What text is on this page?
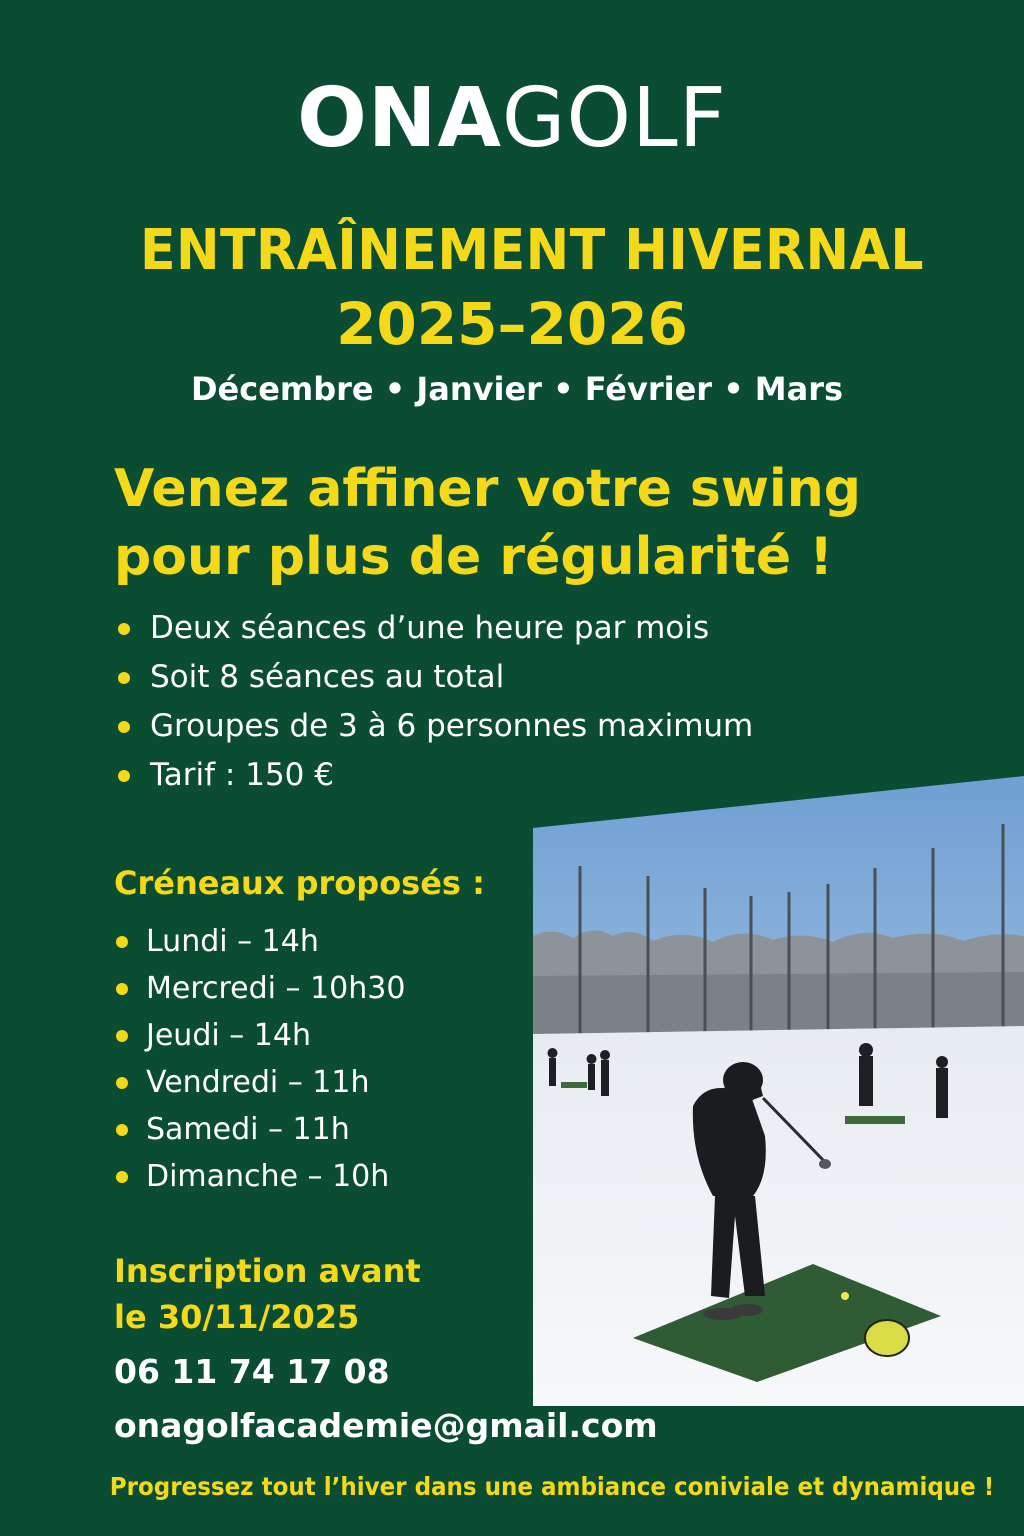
ONAGOLF
ENTRAÎNEMENT HIVERNAL
2025–2026
Décembre • Janvier • Février • Mars
Venez affiner votre swing
pour plus de régularité !
Deux séances d’une heure par mois
Soit 8 séances au total
Groupes de 3 à 6 personnes maximum
Tarif : 150 €
Créneaux proposés :
Lundi – 14h
Mercredi – 10h30
Jeudi – 14h
Vendredi – 11h
Samedi – 11h
Dimanche – 10h
Inscription avant
le 30/11/2025
06 11 74 17 08
onagolfacademie@gmail.com
Progressez tout l’hiver dans une ambiance coniviale et dynamique !
